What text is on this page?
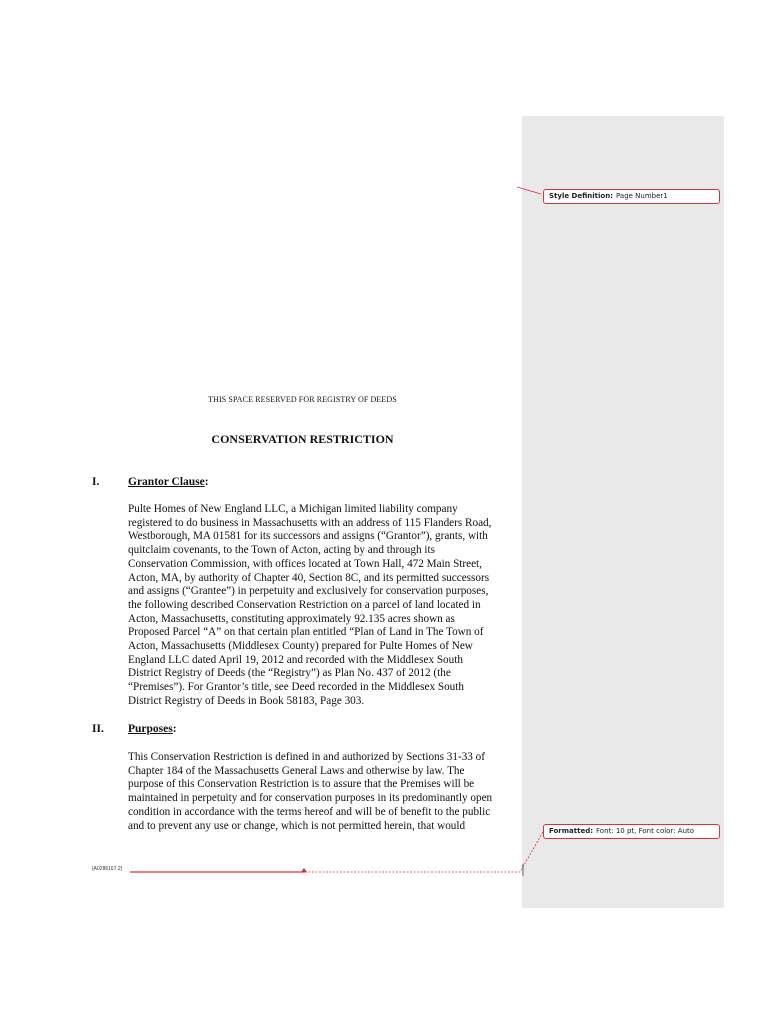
Style Definition: Page Number1
Formatted: Font: 10 pt, Font color: Auto
THIS SPACE RESERVED FOR REGISTRY OF DEEDS
CONSERVATION RESTRICTION
I. Grantor Clause:
Pulte Homes of New England LLC, a Michigan limited liability company
registered to do business in Massachusetts with an address of 115 Flanders Road,
Westborough, MA 01581 for its successors and assigns (“Grantor”), grants, with
quitclaim covenants, to the Town of Acton, acting by and through its
Conservation Commission, with offices located at Town Hall, 472 Main Street,
Acton, MA, by authority of Chapter 40, Section 8C, and its permitted successors
and assigns (“Grantee”) in perpetuity and exclusively for conservation purposes,
the following described Conservation Restriction on a parcel of land located in
Acton, Massachusetts, constituting approximately 92.135 acres shown as
Proposed Parcel “A” on that certain plan entitled “Plan of Land in The Town of
Acton, Massachusetts (Middlesex County) prepared for Pulte Homes of New
England LLC dated April 19, 2012 and recorded with the Middlesex South
District Registry of Deeds (the “Registry”) as Plan No. 437 of 2012 (the
“Premises”). For Grantor’s title, see Deed recorded in the Middlesex South
District Registry of Deeds in Book 58183, Page 303.
II. Purposes:
This Conservation Restriction is defined in and authorized by Sections 31-33 of
Chapter 184 of the Massachusetts General Laws and otherwise by law. The
purpose of this Conservation Restriction is to assure that the Premises will be
maintained in perpetuity and for conservation purposes in its predominantly open
condition in accordance with the terms hereof and will be of benefit to the public
and to prevent any use or change, which is not permitted herein, that would
{A0286167.2}
